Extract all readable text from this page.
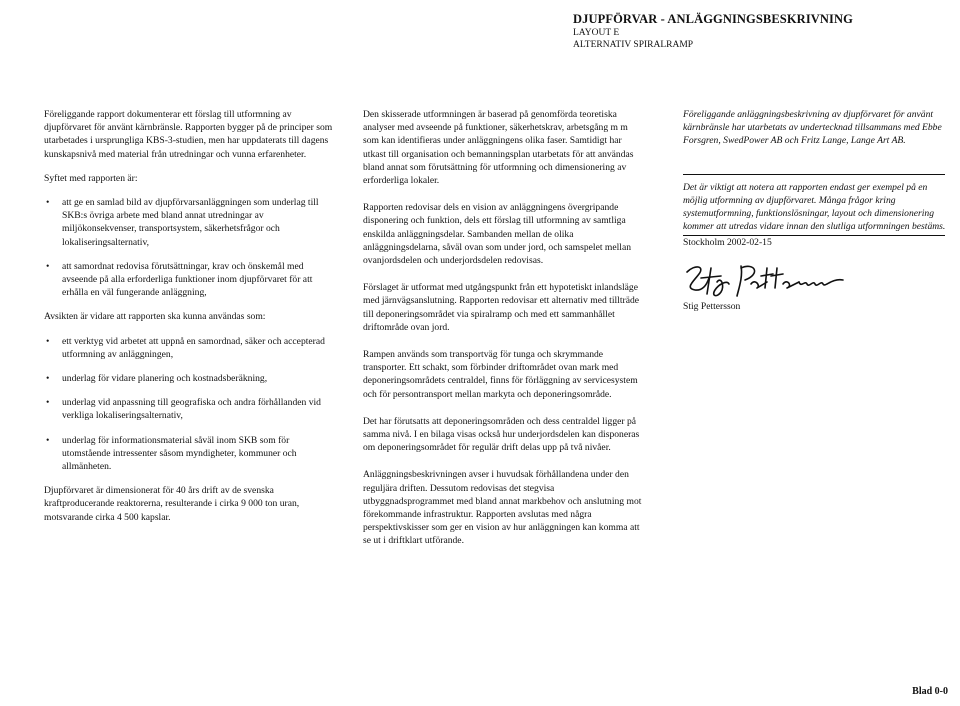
DJUPFÖRVAR - ANLÄGGNINGSBESKRIVNING
LAYOUT E
ALTERNATIV SPIRALRAMP

Föreliggande rapport dokumenterar ett förslag till utformning av djupförvaret för använt kärnbränsle. Rapporten bygger på de principer som utarbetades i ursprungliga KBS-3-studien, men har uppdaterats till dagens kunskapsnivå med material från utredningar och vunna erfarenheter.

Syftet med rapporten är:

• att ge en samlad bild av djupförvarsanläggningen som underlag till SKB:s övriga arbete med bland annat utredningar av miljökonsekvenser, transportsystem, säkerhetsfrågor och lokaliseringsalternativ,
• att samordnat redovisa förutsättningar, krav och önskemål med avseende på alla erforderliga funktioner inom djupförvaret för att erhålla en väl fungerande anläggning,

Avsikten är vidare att rapporten ska kunna användas som:

• ett verktyg vid arbetet att uppnå en samordnad, säker och accepterad utformning av anläggningen,
• underlag för vidare planering och kostnadsberäkning,
• underlag vid anpassning till geografiska och andra förhållanden vid verkliga lokaliseringsalternativ,
• underlag för informationsmaterial såväl inom SKB som för utomstående intressenter såsom myndigheter, kommuner och allmänheten.

Djupförvaret är dimensionerat för 40 års drift av de svenska kraftproducerande reaktorerna, resulterande i cirka 9 000 ton uran, motsvarande cirka 4 500 kapslar.

Den skisserade utformningen är baserad på genomförda teoretiska analyser med avseende på funktioner, säkerhetskrav, arbetsgång m m som kan identifieras under anläggningens olika faser. Samtidigt har utkast till organisation och bemanningsplan utarbetats för att användas bland annat som förutsättning för utformning och dimensionering av erforderliga lokaler.

Rapporten redovisar dels en vision av anläggningens övergripande disponering och funktion, dels ett förslag till utformning av samtliga enskilda anläggningsdelar. Sambanden mellan de olika anläggningsdelarna, såväl ovan som under jord, och samspelet mellan ovanjordsdelen och underjordsdelen redovisas.

Förslaget är utformat med utgångspunkt från ett hypotetiskt inlandsläge med järnvägsanslutning. Rapporten redovisar ett alternativ med tillträde till deponeringsområdet via spiralramp och med ett sammanhållet driftområde ovan jord.

Rampen används som transportväg för tunga och skrymmande transporter. Ett schakt, som förbinder driftområdet ovan mark med deponeringsområdets centraldel, finns för förläggning av servicesystem och för persontransport mellan markyta och deponeringsområde.

Det har förutsatts att deponeringsområden och dess centraldel ligger på samma nivå. I en bilaga visas också hur underjordsdelen kan disponeras om deponeringsområdet för regulär drift delas upp på två nivåer.

Anläggningsbeskrivningen avser i huvudsak förhållandena under den reguljära driften. Dessutom redovisas det stegvisa utbyggnadsprogrammet med bland annat markbehov och anslutning mot förekommande infrastruktur. Rapporten avslutas med några perspektivskisser som ger en vision av hur anläggningen kan komma att se ut i driftklart utförande.

Föreliggande anläggningsbeskrivning av djupförvaret för använt kärnbränsle har utarbetats av undertecknad tillsammans med Ebbe Forsgren, SwedPower AB och Fritz Lange, Lange Art AB.

Det är viktigt att notera att rapporten endast ger exempel på en möjlig utformning av djupförvaret. Många frågor kring systemutformning, funktionslösningar, layout och dimensionering kommer att utredas vidare innan den slutliga utformningen bestäms.

Stockholm 2002-02-15

Stig Pettersson

Blad 0-0
